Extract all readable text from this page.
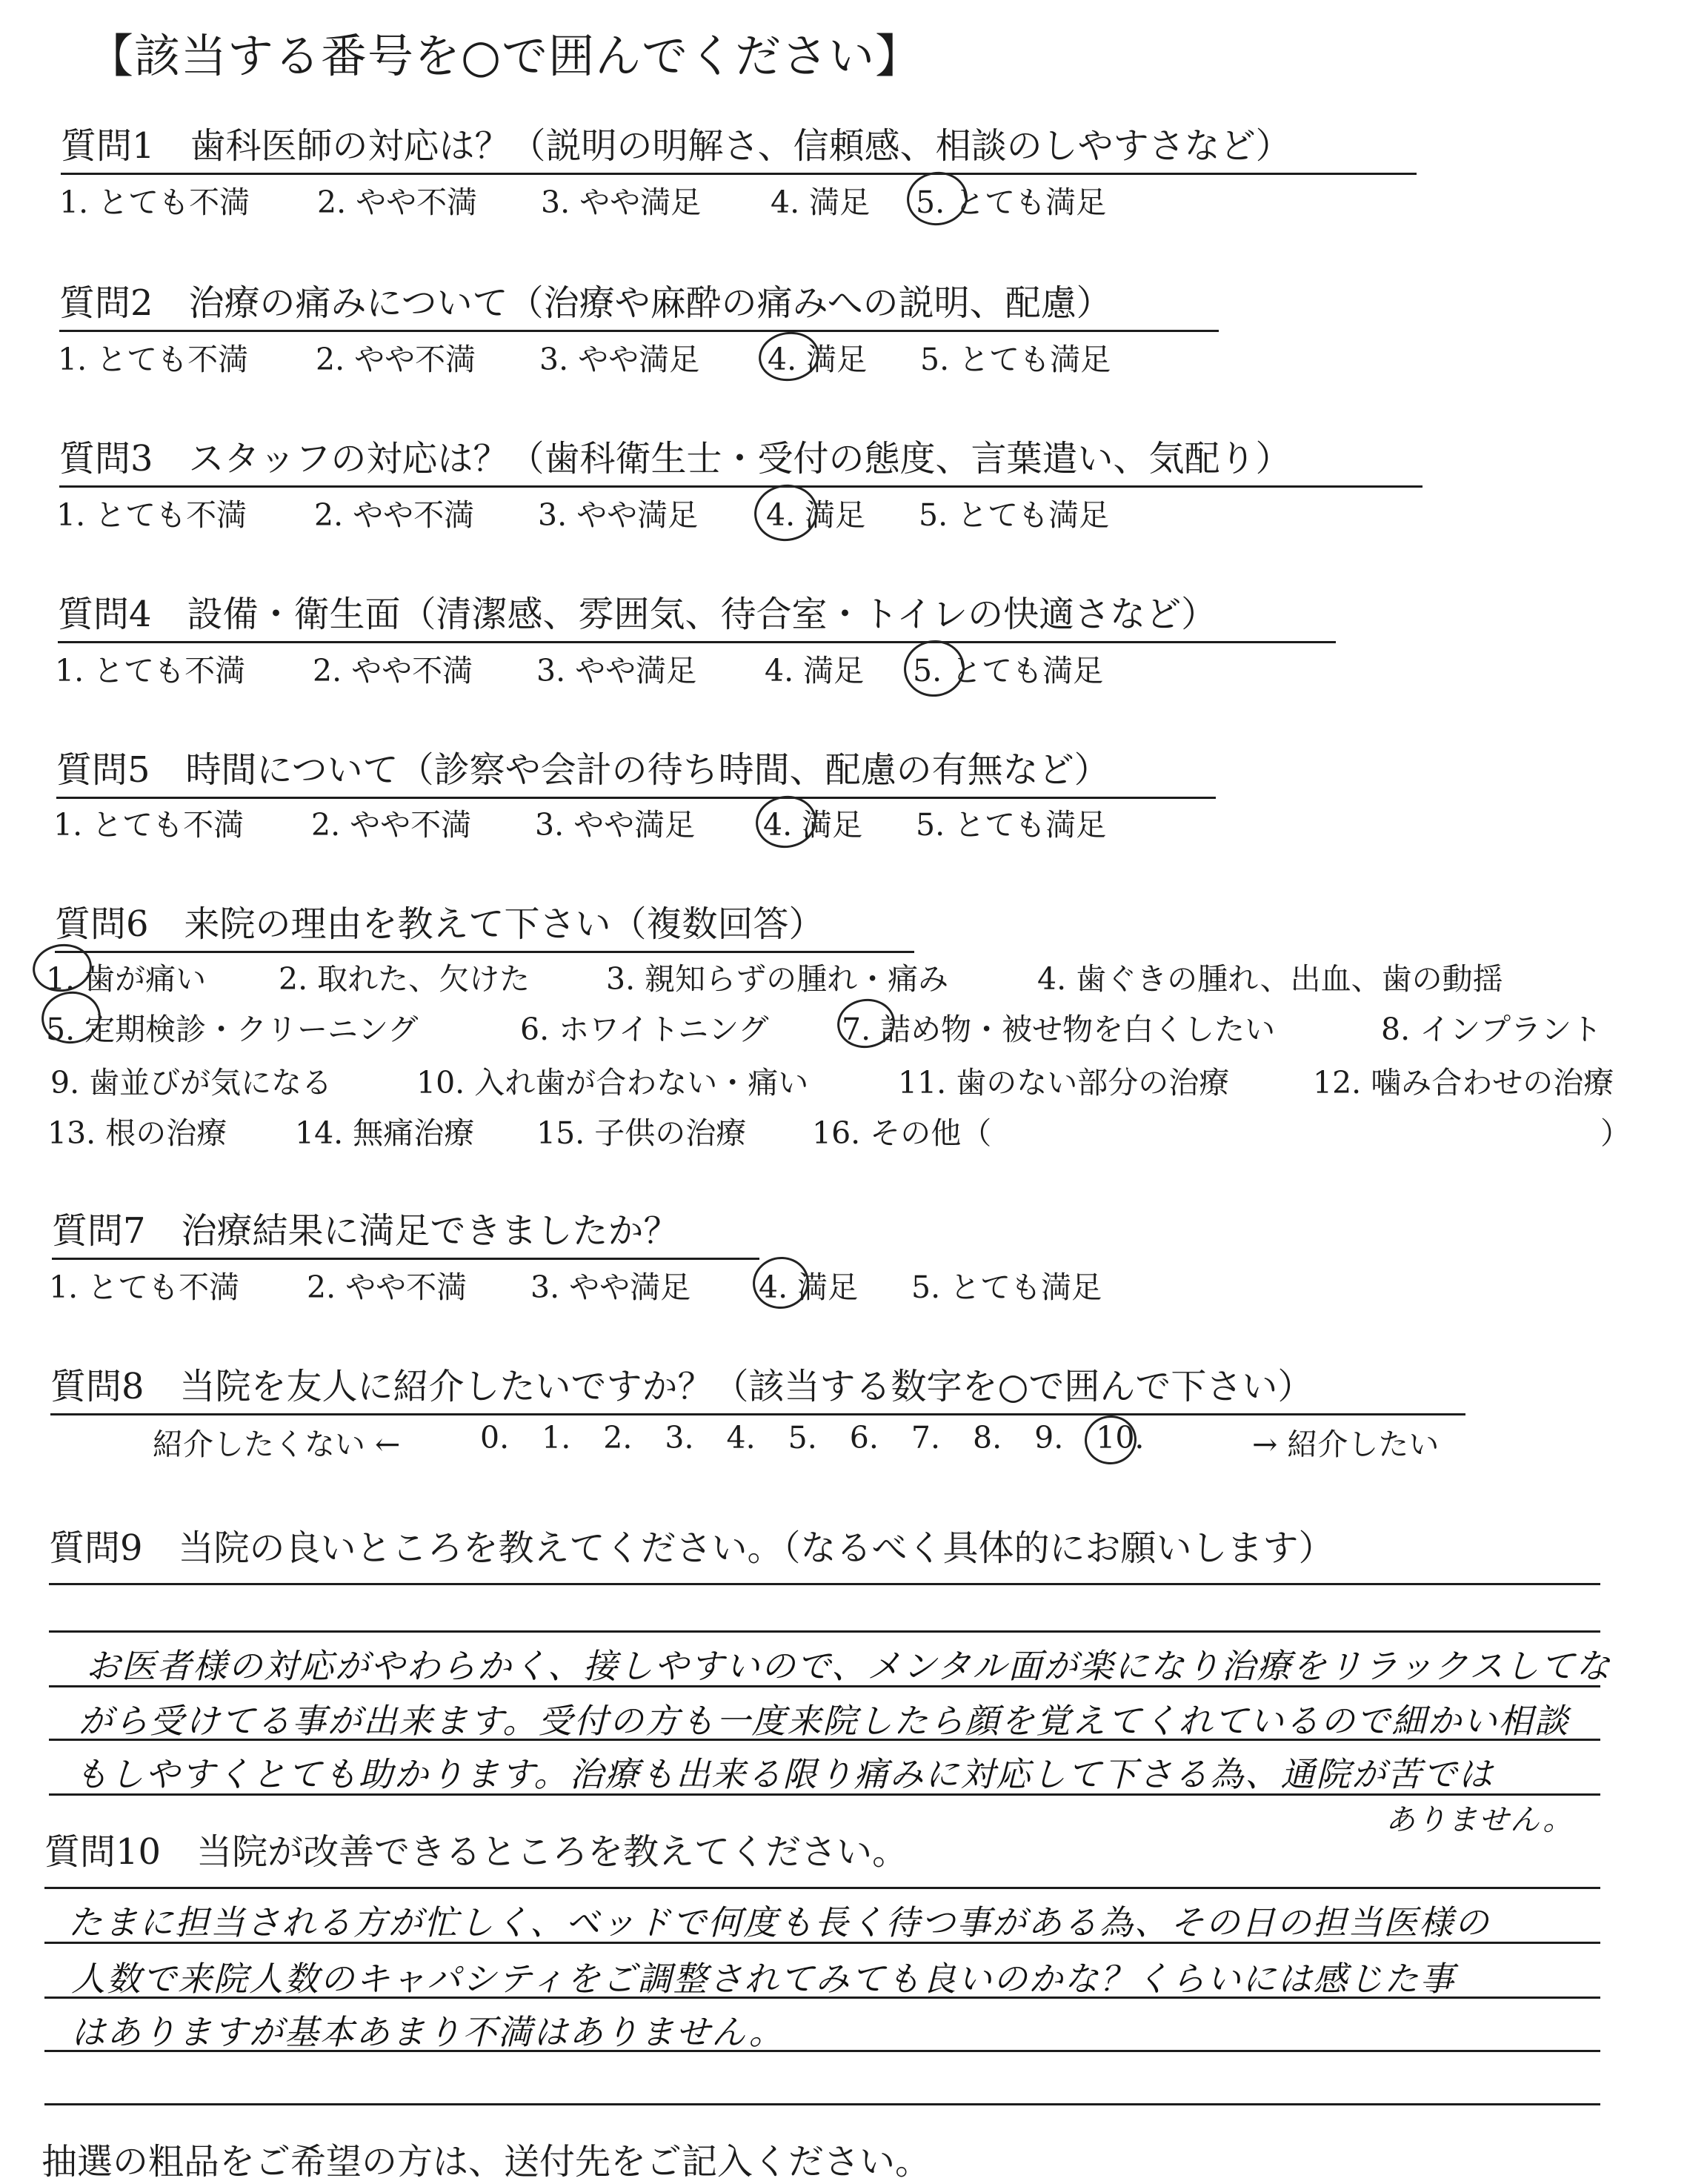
【該当する番号を○で囲んでください】
質問1　歯科医師の対応は？（説明の明解さ、信頼感、相談のしやすさなど）
1. とても不満 2. やや不満 3. やや満足 4. 満足 5. とても満足
質問2　治療の痛みについて（治療や麻酔の痛みへの説明、配慮）
1. とても不満 2. やや不満 3. やや満足 4. 満足 5. とても満足
質問3　スタッフの対応は？（歯科衛生士・受付の態度、言葉遣い、気配り）
1. とても不満 2. やや不満 3. やや満足 4. 満足 5. とても満足
質問4　設備・衛生面（清潔感、雰囲気、待合室・トイレの快適さなど）
1. とても不満 2. やや不満 3. やや満足 4. 満足 5. とても満足
質問5　時間について（診察や会計の待ち時間、配慮の有無など）
1. とても不満 2. やや不満 3. やや満足 4. 満足 5. とても満足
質問6　来院の理由を教えて下さい（複数回答）
1. 歯が痛い 2. 取れた、欠けた	3. 親知らずの腫れ・痛み	4. 歯ぐきの腫れ、出血、歯の動揺
5. 定期検診・クリーニング	6. ホワイトニング 7. 詰め物・被せ物を白くしたい	8. インプラント
9. 歯並びが気になる	10. 入れ歯が合わない・痛い	11. 歯のない部分の治療	12. 噛み合わせの治療
13. 根の治療 14. 無痛治療 15. 子供の治療 16. その他（	）
質問7　治療結果に満足できましたか？
1. とても不満 2. やや不満 3. やや満足 4. 満足 5. とても満足
質問8　当院を友人に紹介したいですか？（該当する数字を○で囲んで下さい）
紹介したくない ←	0. 1. 2. 3. 4. 5. 6. 7. 8. 9. 10.	→ 紹介したい
質問9　当院の良いところを教えてください。（なるべく具体的にお願いします）
お医者様の対応がやわらかく、接しやすいので、メンタル面が楽になり治療をリラックスしてな
がら受けてる事が出来ます。受付の方も一度来院したら顔を覚えてくれているので細かい相談
もしやすくとても助かります。治療も出来る限り痛みに対応して下さる為、通院が苦では
ありません。
質問10　当院が改善できるところを教えてください。
たまに担当される方が忙しく、ベッドで何度も長く待つ事がある為、その日の担当医様の
人数で来院人数のキャパシティをご調整されてみても良いのかな？くらいには感じた事
はありますが基本あまり不満はありません。
抽選の粗品をご希望の方は、送付先をご記入ください。
